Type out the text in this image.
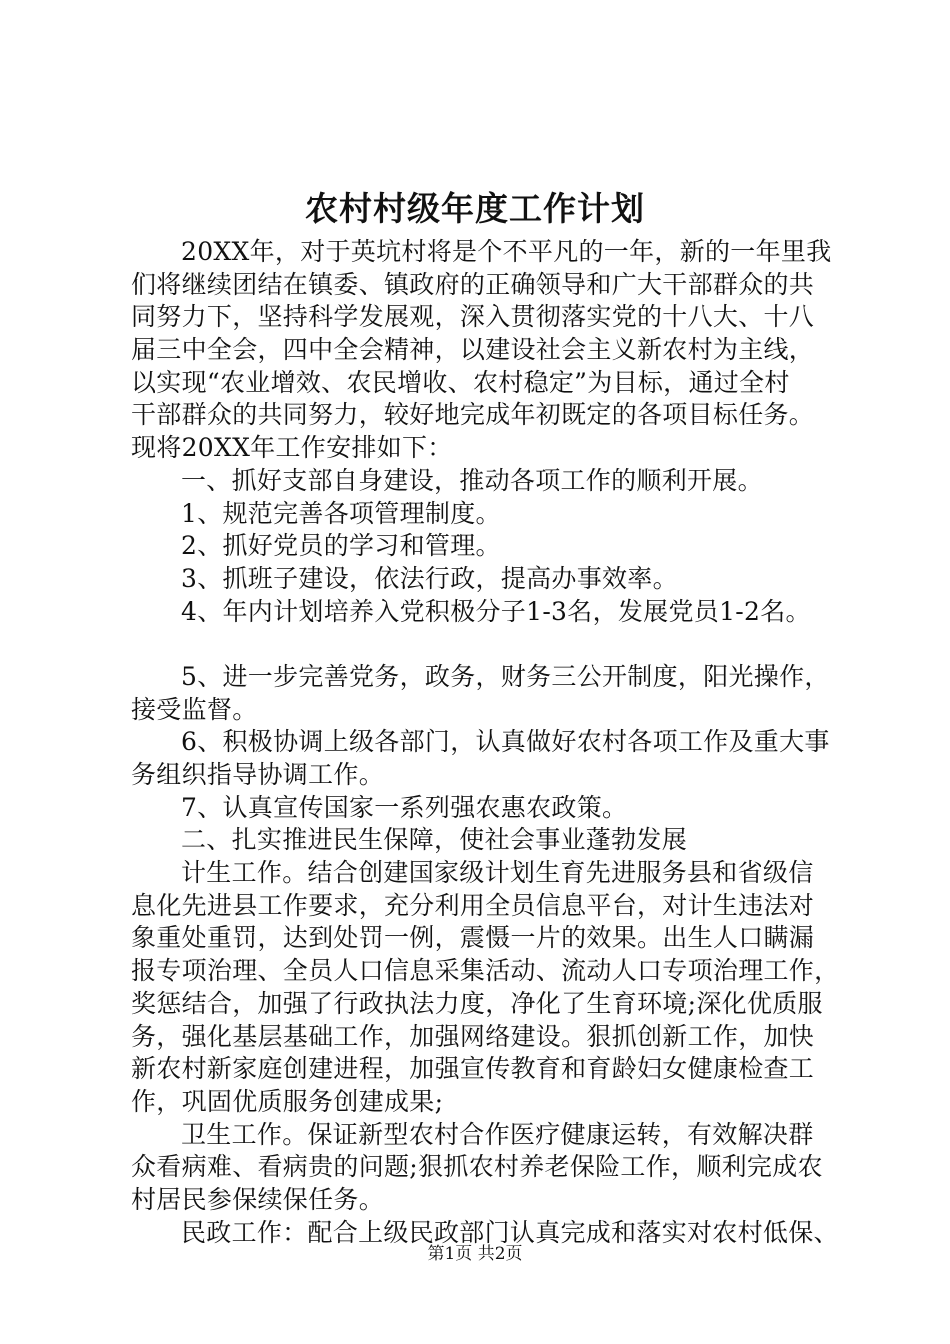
农村村级年度工作计划
20XX年，对于英坑村将是个不平凡的一年，新的一年里我
们将继续团结在镇委、镇政府的正确领导和广大干部群众的共
同努力下，坚持科学发展观，深入贯彻落实党的十八大、十八
届三中全会，四中全会精神，以建设社会主义新农村为主线，
以实现“农业增效、农民增收、农村稳定”为目标，通过全村
干部群众的共同努力，较好地完成年初既定的各项目标任务。
现将20XX年工作安排如下：
一、抓好支部自身建设，推动各项工作的顺利开展。
1、规范完善各项管理制度。
2、抓好党员的学习和管理。
3、抓班子建设，依法行政，提高办事效率。
4、年内计划培养入党积极分子1-3名，发展党员1-2名。
5、进一步完善党务，政务，财务三公开制度，阳光操作，
接受监督。
6、积极协调上级各部门，认真做好农村各项工作及重大事
务组织指导协调工作。
7、认真宣传国家一系列强农惠农政策。
二、扎实推进民生保障，使社会事业蓬勃发展
计生工作。结合创建国家级计划生育先进服务县和省级信
息化先进县工作要求，充分利用全员信息平台，对计生违法对
象重处重罚，达到处罚一例，震慑一片的效果。出生人口瞒漏
报专项治理、全员人口信息采集活动、流动人口专项治理工作，
奖惩结合，加强了行政执法力度，净化了生育环境;深化优质服
务，强化基层基础工作，加强网络建设。狠抓创新工作，加快
新农村新家庭创建进程，加强宣传教育和育龄妇女健康检查工
作，巩固优质服务创建成果;
卫生工作。保证新型农村合作医疗健康运转，有效解决群
众看病难、看病贵的问题;狠抓农村养老保险工作，顺利完成农
村居民参保续保任务。
民政工作：配合上级民政部门认真完成和落实对农村低保、
第1页 共2页
